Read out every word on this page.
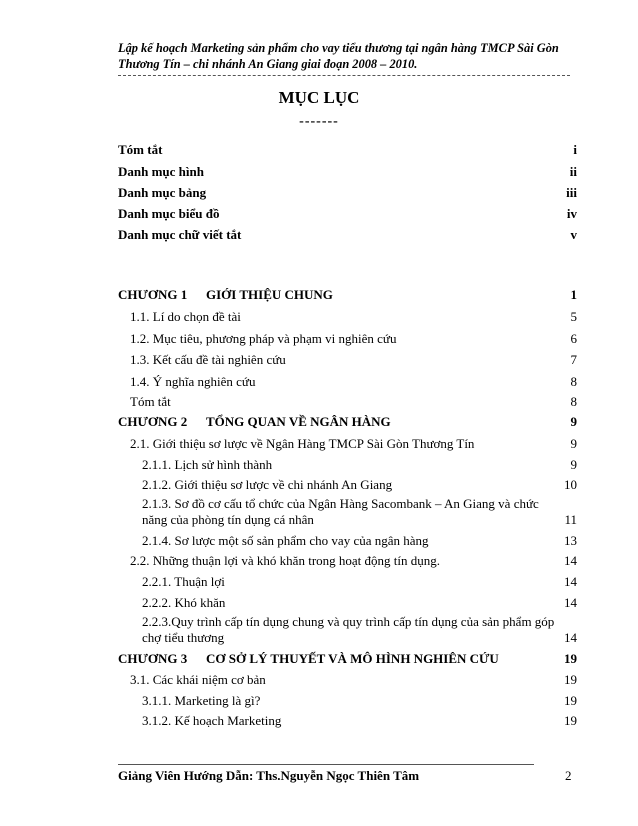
Lập kế hoạch Marketing sản phẩm cho vay tiểu thương tại ngân hàng TMCP Sài Gòn
Thương Tín – chi nhánh An Giang giai đoạn 2008 – 2010.
MỤC LỤC
-------
Tóm tắt	i
Danh mục hình	ii
Danh mục bảng	iii
Danh mục biểu đồ	iv
Danh mục chữ viết tắt	v
CHƯƠNG 1 GIỚI THIỆU CHUNG	1
1.1. Lí do chọn đề tài	5
1.2. Mục tiêu, phương pháp và phạm vi nghiên cứu	6
1.3. Kết cấu đề tài nghiên cứu	7
1.4. Ý nghĩa nghiên cứu	8
Tóm tắt	8
CHƯƠNG 2 TỔNG QUAN VỀ NGÂN HÀNG	9
2.1. Giới thiệu sơ lược về Ngân Hàng TMCP Sài Gòn Thương Tín	9
2.1.1. Lịch sử hình thành	9
2.1.2. Giới thiệu sơ lược về chi nhánh An Giang	10
2.1.3. Sơ đồ cơ cấu tổ chức của Ngân Hàng Sacombank – An Giang và chức năng của phòng tín dụng cá nhân	11
2.1.4. Sơ lược một số sản phẩm cho vay của ngân hàng	13
2.2. Những thuận lợi và khó khăn trong hoạt động tín dụng.	14
2.2.1. Thuận lợi	14
2.2.2. Khó khăn	14
2.2.3.Quy trình cấp tín dụng chung và quy trình cấp tín dụng của sản phẩm góp chợ tiểu thương	14
CHƯƠNG 3 CƠ SỞ LÝ THUYẾT VÀ MÔ HÌNH NGHIÊN CỨU	19
3.1. Các khái niệm cơ bản	19
3.1.1. Marketing là gì?	19
3.1.2. Kế hoạch Marketing	19
Giảng Viên Hướng Dẫn: Ths.Nguyễn Ngọc Thiên Tâm	2
